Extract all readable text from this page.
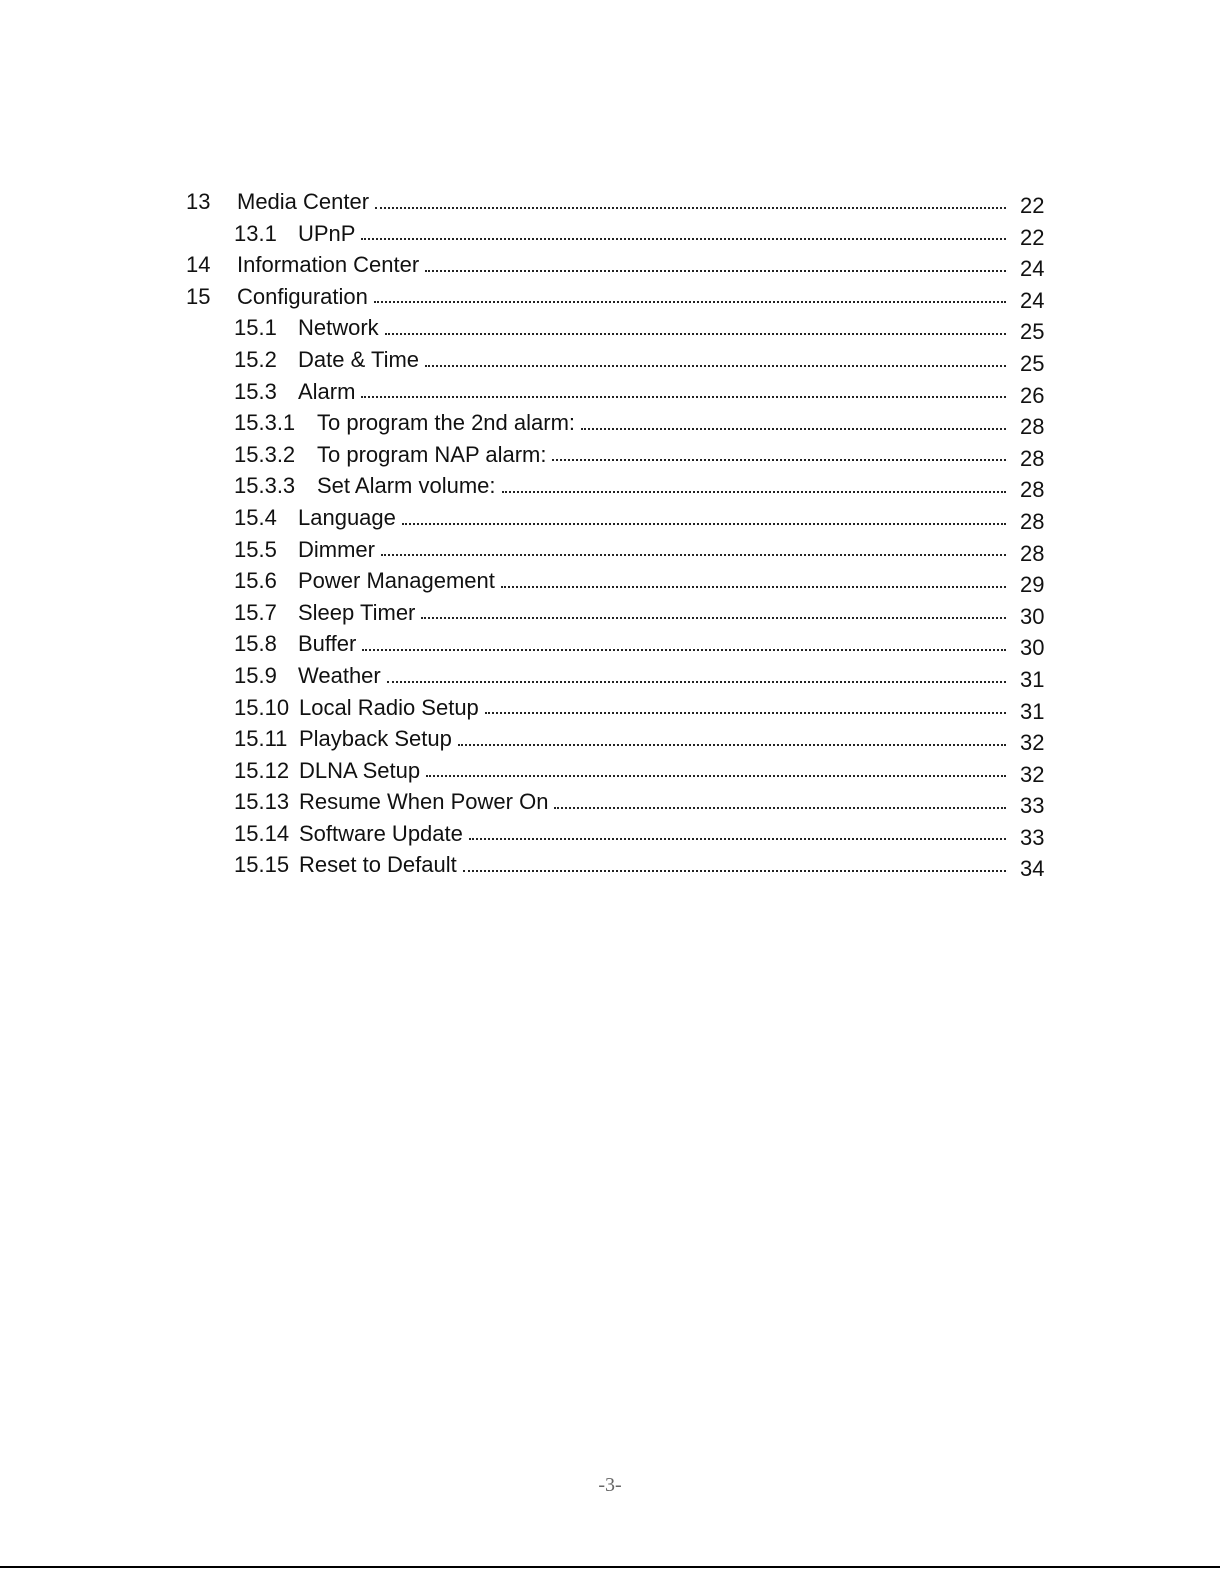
13 Media Center	22
13.1 UPnP	22
14 Information Center	24
15 Configuration	24
15.1 Network	25
15.2 Date & Time	25
15.3 Alarm	26
15.3.1 To program the 2nd alarm:	28
15.3.2 To program NAP alarm:	28
15.3.3 Set Alarm volume:	28
15.4 Language	28
15.5 Dimmer	28
15.6 Power Management	29
15.7 Sleep Timer	30
15.8 Buffer	30
15.9 Weather	31
15.10 Local Radio Setup	31
15.11 Playback Setup	32
15.12 DLNA Setup	32
15.13 Resume When Power On	33
15.14 Software Update	33
15.15 Reset to Default	34
-3-
